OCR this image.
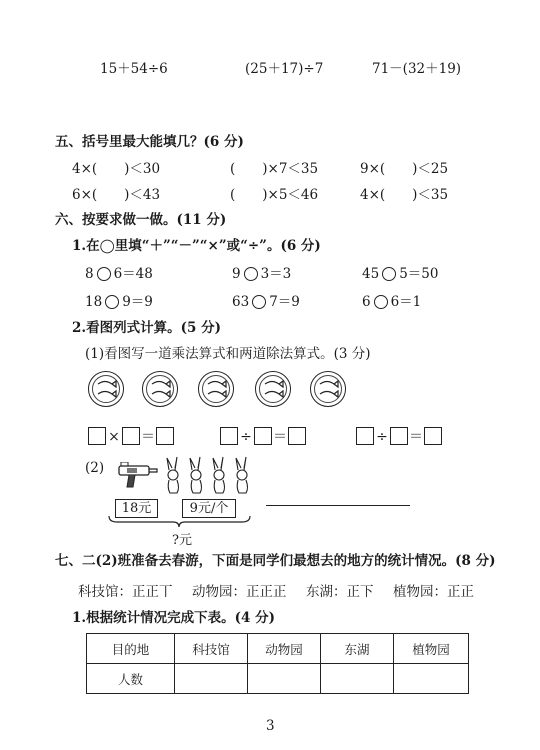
15＋54÷6	(25＋17)÷7	71－(32＋19)
五、括号里最大能填几？(6 分)
4×(　　)＜30	(　　)×7＜35	9×(　　)＜25
6×(　　)＜43	(　　)×5＜46	4×(　　)＜35
六、按要求做一做。(11 分)
1.在◯里填“＋”“－”“×”或“÷”。(6 分)
8 6＝48	9 3＝3	45 5＝50
18 9＝9	63 7＝9	6 6＝1
2.看图列式计算。(5 分)
(1)看图写一道乘法算式和两道除法算式。(3 分)
× ＝	÷ ＝	÷ ＝
(2)
18元	9元/个
?元
七、二(2)班准备去春游，下面是同学们最想去的地方的统计情况。(8 分)
科技馆：正正丅 动物园：正正正 东湖：正下 植物园：正正
1.根据统计情况完成下表。(4 分)
目的地	科技馆	动物园	东湖	植物园
人数				
3
